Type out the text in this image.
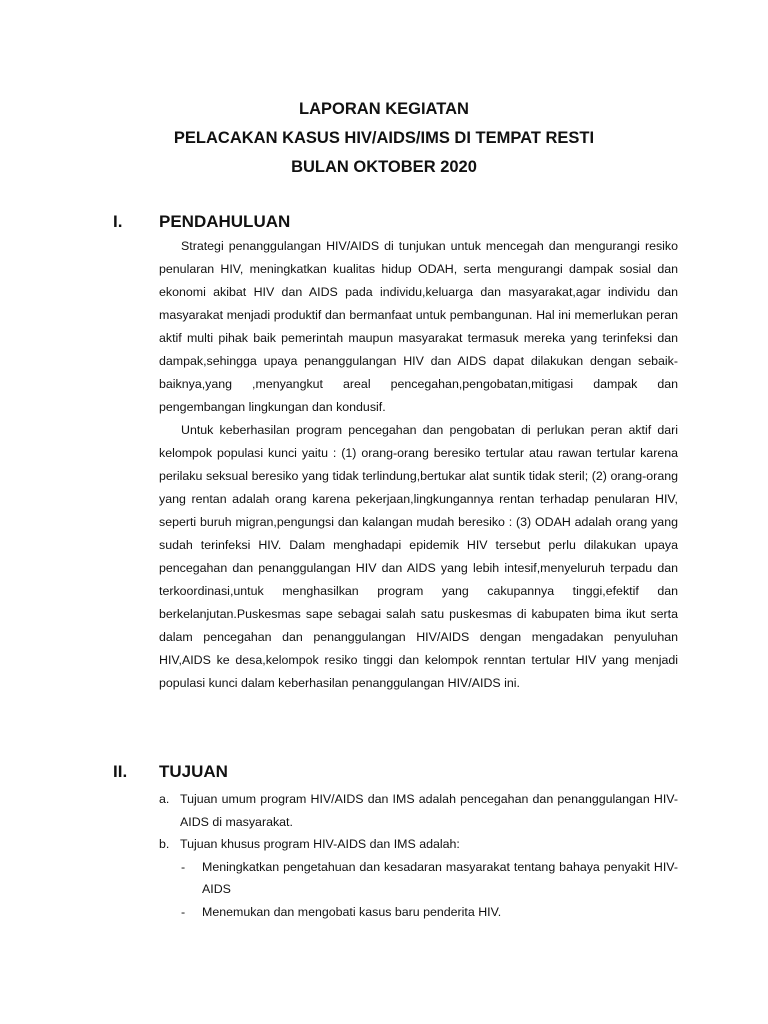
LAPORAN KEGIATAN
PELACAKAN KASUS HIV/AIDS/IMS DI TEMPAT RESTI
BULAN OKTOBER 2020
I. PENDAHULUAN

Strategi penanggulangan HIV/AIDS di tunjukan untuk mencegah dan mengurangi resiko penularan HIV, meningkatkan kualitas hidup ODAH, serta mengurangi dampak sosial dan ekonomi akibat HIV dan AIDS pada individu,keluarga dan masyarakat,agar individu dan masyarakat menjadi produktif dan bermanfaat untuk pembangunan. Hal ini memerlukan peran aktif multi pihak baik pemerintah maupun masyarakat termasuk mereka yang terinfeksi dan dampak,sehingga upaya penanggulangan HIV dan AIDS dapat dilakukan dengan sebaik-baiknya,yang ,menyangkut areal pencegahan,pengobatan,mitigasi dampak dan pengembangan lingkungan dan kondusif.

Untuk keberhasilan program pencegahan dan pengobatan di perlukan peran aktif dari kelompok populasi kunci yaitu : (1) orang-orang beresiko tertular atau rawan tertular karena perilaku seksual beresiko yang tidak terlindung,bertukar alat suntik tidak steril; (2) orang-orang yang rentan adalah orang karena pekerjaan,lingkungannya rentan terhadap penularan HIV, seperti buruh migran,pengungsi dan kalangan mudah beresiko : (3) ODAH adalah orang yang sudah terinfeksi HIV. Dalam menghadapi epidemik HIV tersebut perlu dilakukan upaya pencegahan dan penanggulangan HIV dan AIDS yang lebih intesif,menyeluruh terpadu dan terkoordinasi,untuk menghasilkan program yang cakupannya tinggi,efektif dan berkelanjutan.Puskesmas sape sebagai salah satu puskesmas di kabupaten bima ikut serta dalam pencegahan dan penanggulangan HIV/AIDS dengan mengadakan penyuluhan HIV,AIDS ke desa,kelompok resiko tinggi dan kelompok renntan tertular HIV yang menjadi populasi kunci dalam keberhasilan penanggulangan HIV/AIDS ini.

II. TUJUAN
a. Tujuan umum program HIV/AIDS dan IMS adalah pencegahan dan penanggulangan HIV-AIDS di masyarakat.
b. Tujuan khusus program HIV-AIDS dan IMS adalah:
- Meningkatkan pengetahuan dan kesadaran masyarakat tentang bahaya penyakit HIV-AIDS
- Menemukan dan mengobati kasus baru penderita HIV.
